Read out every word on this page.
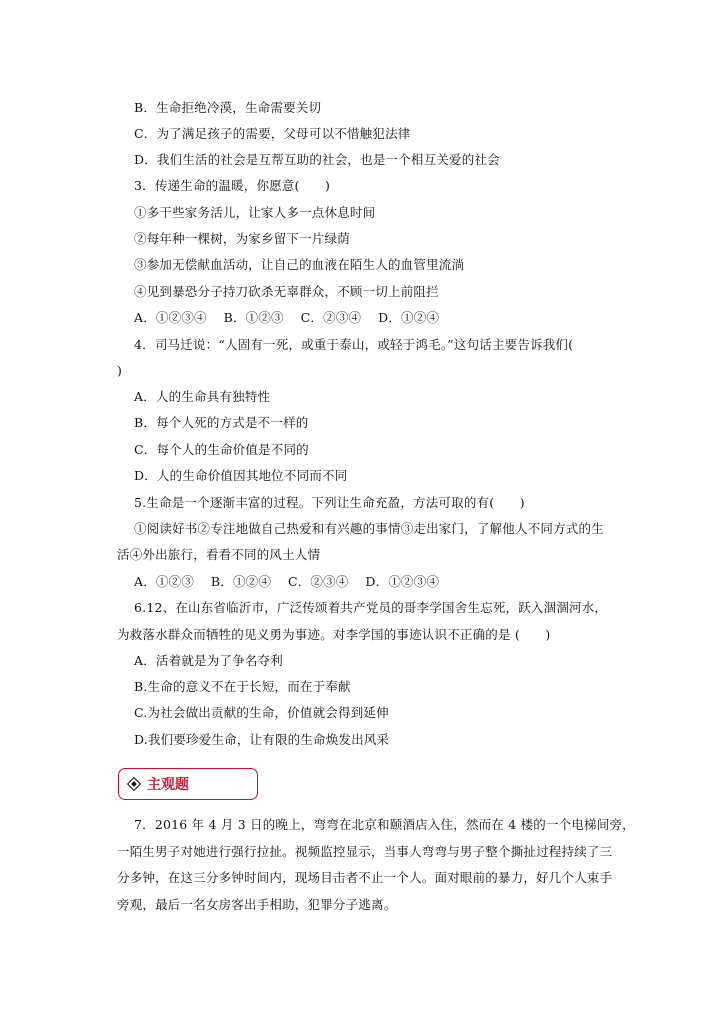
B．生命拒绝冷漠，生命需要关切
C．为了满足孩子的需要，父母可以不惜触犯法律
D．我们生活的社会是互帮互助的社会，也是一个相互关爱的社会
3．传递生命的温暖，你愿意(　　)
①多干些家务活儿，让家人多一点休息时间
②每年种一棵树，为家乡留下一片绿荫
③参加无偿献血活动，让自己的血液在陌生人的血管里流淌
④见到暴恐分子持刀砍杀无辜群众，不顾一切上前阻拦
A．①②③④　 B．①②③　 C．②③④　 D．①②④
4．司马迁说：“人固有一死，或重于泰山，或轻于鸿毛。”这句话主要告诉我们(
)
A．人的生命具有独特性
B．每个人死的方式是不一样的
C．每个人的生命价值是不同的
D．人的生命价值因其地位不同而不同
5.生命是一个逐渐丰富的过程。下列让生命充盈，方法可取的有(　　)
①阅读好书②专注地做自己热爱和有兴趣的事情③走出家门，了解他人不同方式的生
活④外出旅行，看看不同的风土人情
A．①②③　 B．①②④　 C．②③④　 D．①②③④
6.12、在山东省临沂市，广泛传颂着共产党员的哥李学国舍生忘死，跃入涸涸河水，
为救落水群众而牺牲的见义勇为事迹。对李学国的事迹认识不正确的是 (　　)
A．活着就是为了争名夺利
B.生命的意义不在于长短，而在于奉献
C.为社会做出贡献的生命，价值就会得到延伸
D.我们要珍爱生命，让有限的生命焕发出风采
主观题
7．2016 年 4 月 3 日的晚上，弯弯在北京和颐酒店入住，然而在 4 楼的一个电梯间旁，
一陌生男子对她进行强行拉扯。视频监控显示，当事人弯弯与男子整个撕扯过程持续了三
分多钟，在这三分多钟时间内，现场目击者不止一个人。面对眼前的暴力，好几个人束手
旁观，最后一名女房客出手相助，犯罪分子逃离。
